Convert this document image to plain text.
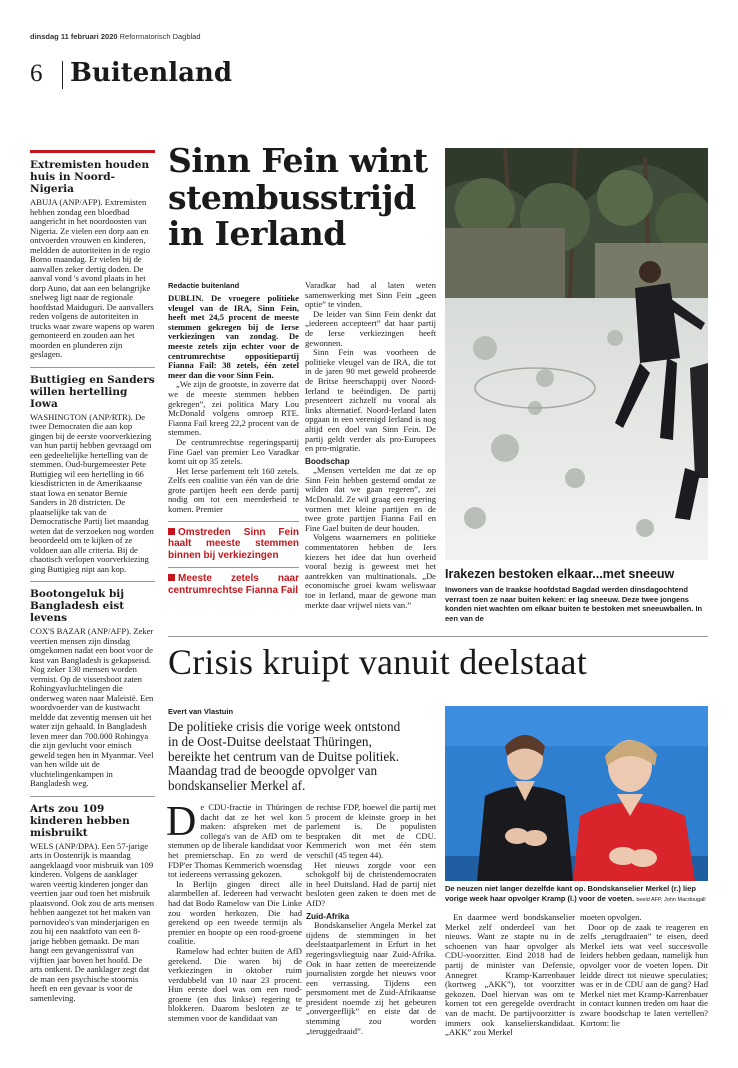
dinsdag 11 februari 2020 Reformatorisch Dagblad
6 Buitenland
Extremisten houden huis in Noord-Nigeria
ABUJA (ANP/AFP). Extremisten hebben zondag een bloedbad aangericht in het noordoosten van Nigeria. Ze vielen een dorp aan en ontvoerden vrouwen en kinderen, meldden de autoriteiten in de regio Borno maandag. Er vielen bij de aanvallen zeker dertig doden. De aanval vond 's avond plaats in het dorp Auno, dat aan een belangrijke snelweg ligt naar de regionale hoofdstad Maiduguri. De aanvallers reden volgens de autoriteiten in trucks waar zware wapens op waren gemonteerd en zouden aan het moorden en plunderen zijn geslagen.
Buttigieg en Sanders willen hertelling Iowa
WASHINGTON (ANP/RTR). De twee Democraten die aan kop gingen bij de eerste voorverkiezing van hun partij hebben gevraagd om een gedeeltelijke hertelling van de stemmen. Oud-burgemeester Pete Buttigieg wil een hertelling in 66 kiesdistricten in de Amerikaanse staat Iowa en senator Bernie Sanders in 28 districten. De plaatselijke tak van de Democratische Partij liet maandag weten dat de verzoeken nog worden beoordeeld om te kijken of ze voldoen aan alle criteria. Bij de chaotisch verlopen voorverkiezing ging Buttigieg nipt aan kop.
Bootongeluk bij Bangladesh eist levens
COX'S BAZAR (ANP/AFP). Zeker veertien mensen zijn dinsdag omgekomen nadat een boot voor de kust van Bangladesh is gekapseisd. Nog zeker 130 mensen worden vermist. Op de vissersboot zaten Rohingyavluchtelingen die onderweg waren naar Maleisië. Een woordvoerder van de kustwacht meldde dat zeventig mensen uit het water zijn gehaald. In Bangladesh leven meer dan 700.000 Rohingya die zijn gevlucht voor etnisch geweld tegen hen in Myanmar. Veel van hen wilde uit de vluchtelingenkampen in Bangladesh weg.
Arts zou 109 kinderen hebben misbruikt
WELS (ANP/DPA). Een 57-jarige arts in Oostenrijk is maandag aangeklaagd voor misbruik van 109 kinderen. Volgens de aanklager waren veertig kinderen jonger dan veertien jaar oud toen het misbruik plaatsvond. Ook zou de arts mensen hebben aangezet tot het maken van pornovideo's van minderjarigen en zou hij een naaktfoto van een 8-jarige hebben gemaakt. De man hangt een gevangenisstraf van vijftien jaar boven het hoofd. De arts ontkent. De aanklager zegt dat de man een psychische stoornis heeft en een gevaar is voor de samenleving.
Sinn Fein wint stembusstrijd in Ierland
Redactie buitenland

DUBLIN. De vroegere politieke vleugel van de IRA, Sinn Fein, heeft met 24,5 procent de meeste stemmen gekregen bij de Ierse verkiezingen van zondag. De meeste zetels zijn echter voor de centrumrechtse oppositiepartij Fianna Fail: 38 zetels, één zetel meer dan die voor Sinn Fein.

„We zijn de grootste, in zoverre dat we de meeste stemmen hebben gekregen”, zei politica Mary Lou McDonald volgens omroep RTE. Fianna Fail kreeg 22,2 procent van de stemmen.

De centrumrechtse regeringspartij Fine Gael van premier Leo Varadkar komt uit op 35 zetels.

Het Ierse parlement telt 160 zetels. Zelfs een coalitie van één van de drie grote partijen heeft een derde partij nodig om tot een meerderheid te komen. Premier

Omstreden Sinn Fein haalt meeste stemmen binnen bij verkiezingen
Meeste zetels naar centrumrechtse Fianna Fail

Varadkar had al laten weten samenwerking met Sinn Fein „geen optie” te vinden.

De leider van Sinn Fein denkt dat „iedereen accepteert” dat haar partij de Ierse verkiezingen heeft gewonnen.

Sinn Fein was voorheen de politieke vleugel van de IRA, die tot in de jaren 90 met geweld probeerde de Britse heerschappij over Noord-Ierland te beëindigen. De partij presenteert zichzelf nu vooral als links alternatief. Noord-Ierland laten opgaan in een verenigd Ierland is nog altijd een doel van Sinn Fein. De partij geldt verder als pro-Europees en pro-migratie.

Boodschap

„Mensen vertelden me dat ze op Sinn Fein hebben gestemd omdat ze wilden dat we gaan regeren”, zei McDonald. Ze wil graag een regering vormen met kleine partijen en de twee grote partijen Fianna Fail en Fine Gael buiten de deur houden.

Volgens waarnemers en politieke commentatoren hebben de Iers kiezers het idee dat hun overheid vooral bezig is geweest met het aantrekken van multinationals. „De economische groei kwam weliswaar toe in Ierland, maar de gewone man merkte daar vrijwel niets van.”

Irakezen bestoken elkaar...met sneeuw
Inwoners van de Iraakse hoofdstad Bagdad werden dinsdagochtend verrast toen ze naar buiten keken: er lag sneeuw. Deze twee jongens konden niet wachten om elkaar buiten te bestoken met sneeuwballen. In een van de
Crisis kruipt vanuit deelstaat
Evert van Vlastuin
De politieke crisis die vorige week ontstond in de Oost-Duitse deelstaat Thüringen, bereikte het centrum van de Duitse politiek. Maandag trad de beoogde opvolger van bondskanselier Merkel af.

De CDU-fractie in Thüringen dacht dat ze het wel kon maken: afspreken met de collega's van de AfD om te stemmen op de liberale kandidaat voor het premierschap. En zo werd de FDP'er Thomas Kemmerich woensdag tot iedereens verrassing gekozen.

In Berlijn gingen direct alle alarmbellen af. Iedereen had verwacht had dat Bodo Ramelow van Die Linke zou worden herkozen. Die had gerekend op een tweede termijn als premier en hoopte op een rood-groene coalitie.

Ramelow had echter buiten de AfD gerekend. Die waren bij de verkiezingen in oktober ruim verdubbeld van 10 naar 23 procent. Hun eerste doel was om een rood-groene (en dus linkse) regering te blokkeren. Daarom besloten ze te stemmen voor de kandidaat van

de rechtse FDP, hoewel die partij met 5 procent de kleinste groep in het parlement is. De populisten bespraken dit met de CDU. Kemmerich won met één stem verschil (45 tegen 44).

Het nieuws zorgde voor een schokgolf bij de christendemocraten in heel Duitsland. Had de partij niet besloten geen zaken te doen met de AfD?

Zuid-Afrika

Bondskanselier Angela Merkel zat tijdens de stemmingen in het deelstaatparlement in Erfurt in het regeringsvliegtuig naar Zuid-Afrika. Ook in haar zetten de meereizende journalisten zorgde het nieuws voor een verrassing. Tijdens een persmoment met de Zuid-Afrikaanse president noemde zij het gebeuren „onvergeeflijk” en eiste dat de stemming zou worden „teruggedraaid”.

De neuzen niet langer dezelfde kant op. Bondskanselier Merkel (r.) liep vorige week haar opvolger Kramp (l.) voor de voeten. beeld AFP, John Macdougall

En daarmee werd bondskanselier Merkel zelf onderdeel van het nieuws. Want ze stapte nu in de schoenen van haar opvolger als CDU-voorzitter. Eind 2018 had de partij de minister van Defensie, Annegret Kramp-Karrenbauer (kortweg „AKK”), tot voorzitter gekozen. Doel hiervan was om te komen tot een geregelde overdracht van de macht. De partijvoorzitter is immers ook kanselierskandidaat. „AKK” zou Merkel

moeten opvolgen.

Door op de zaak te reageren en zelfs „terugdraaien” te eisen, deed Merkel iets wat veel succesvolle leiders hebben gedaan, namelijk hun opvolger voor de voeten lopen. Dit leidde direct tot nieuwe speculaties; was er in de CDU aan de gang? Had Merkel niet met Kramp-Karrenbauer in contact kunnen treden om haar die zware boodschap te laten vertellen? Kortom: lie
